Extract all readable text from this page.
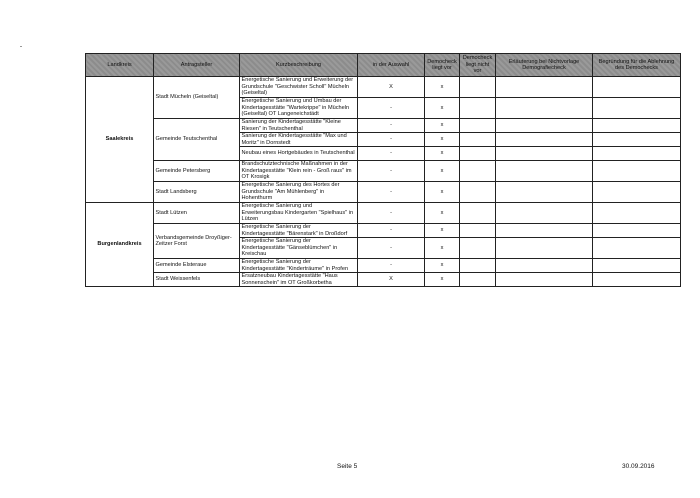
Landkreis	Antragsteller	Kurzbeschreibung	in der Auswahl	Democheck liegt vor	Democheck liegt nicht vor	Erläuterung bei Nichtvorlage Demografiecheck	Begründung für die Ablehnung des Demochecks
Saalekreis	Stadt Mücheln (Geiseltal)	Energetische Sanierung und Erweiterung der Grundschule "Geschwister Scholl" Mücheln (Geiseltal)	X	x			
		Energetische Sanierung und Umbau der Kindertagesstätte "Wartekrippe" in Mücheln (Geiseltal) OT Langeneichstädt	-	x			
	Gemeinde Teutschenthal	Sanierung der Kindertagesstätte "Kleine Riesen" in Teutschenthal	-	x			
		Sanierung der Kindertagesstätte "Max und Moritz" in Dornstedt	-	x			
		Neubau eines Hortgebäudes in Teutschenthal	-	x			
	Gemeinde Petersberg	Brandschutztechnische Maßnahmen in der Kindertagesstätte "Klein rein - Groß raus" im OT Krosigk	-	x			
	Stadt Landsberg	Energetische Sanierung des Hortes der Grundschule "Am Mühlenberg" in Hohenthurm	-	x			
Burgenlandkreis	Stadt Lützen	Energetische Sanierung und Erweiterungsbau Kindergarten "Spielhaus" in Lützen	-	x			
	Verbandsgemeinde Droyßiger-Zeitzer Forst	Energetische Sanierung der Kindertagesstätte "Bärenstark" in Droßdorf	-	x			
		Energetische Sanierung der Kindertagesstätte "Gänseblümchen" in Kreischau	-	x			
	Gemeinde Elsteraue	Energetische Sanierung der Kindertagesstätte "Kinderträume" in Profen	-	x			
	Stadt Weissenfels	Ersatzneubau Kindertagesstätte "Haus Sonnenschein" im OT Großkorbetha	X	x			
Seite 5	30.09.2016
